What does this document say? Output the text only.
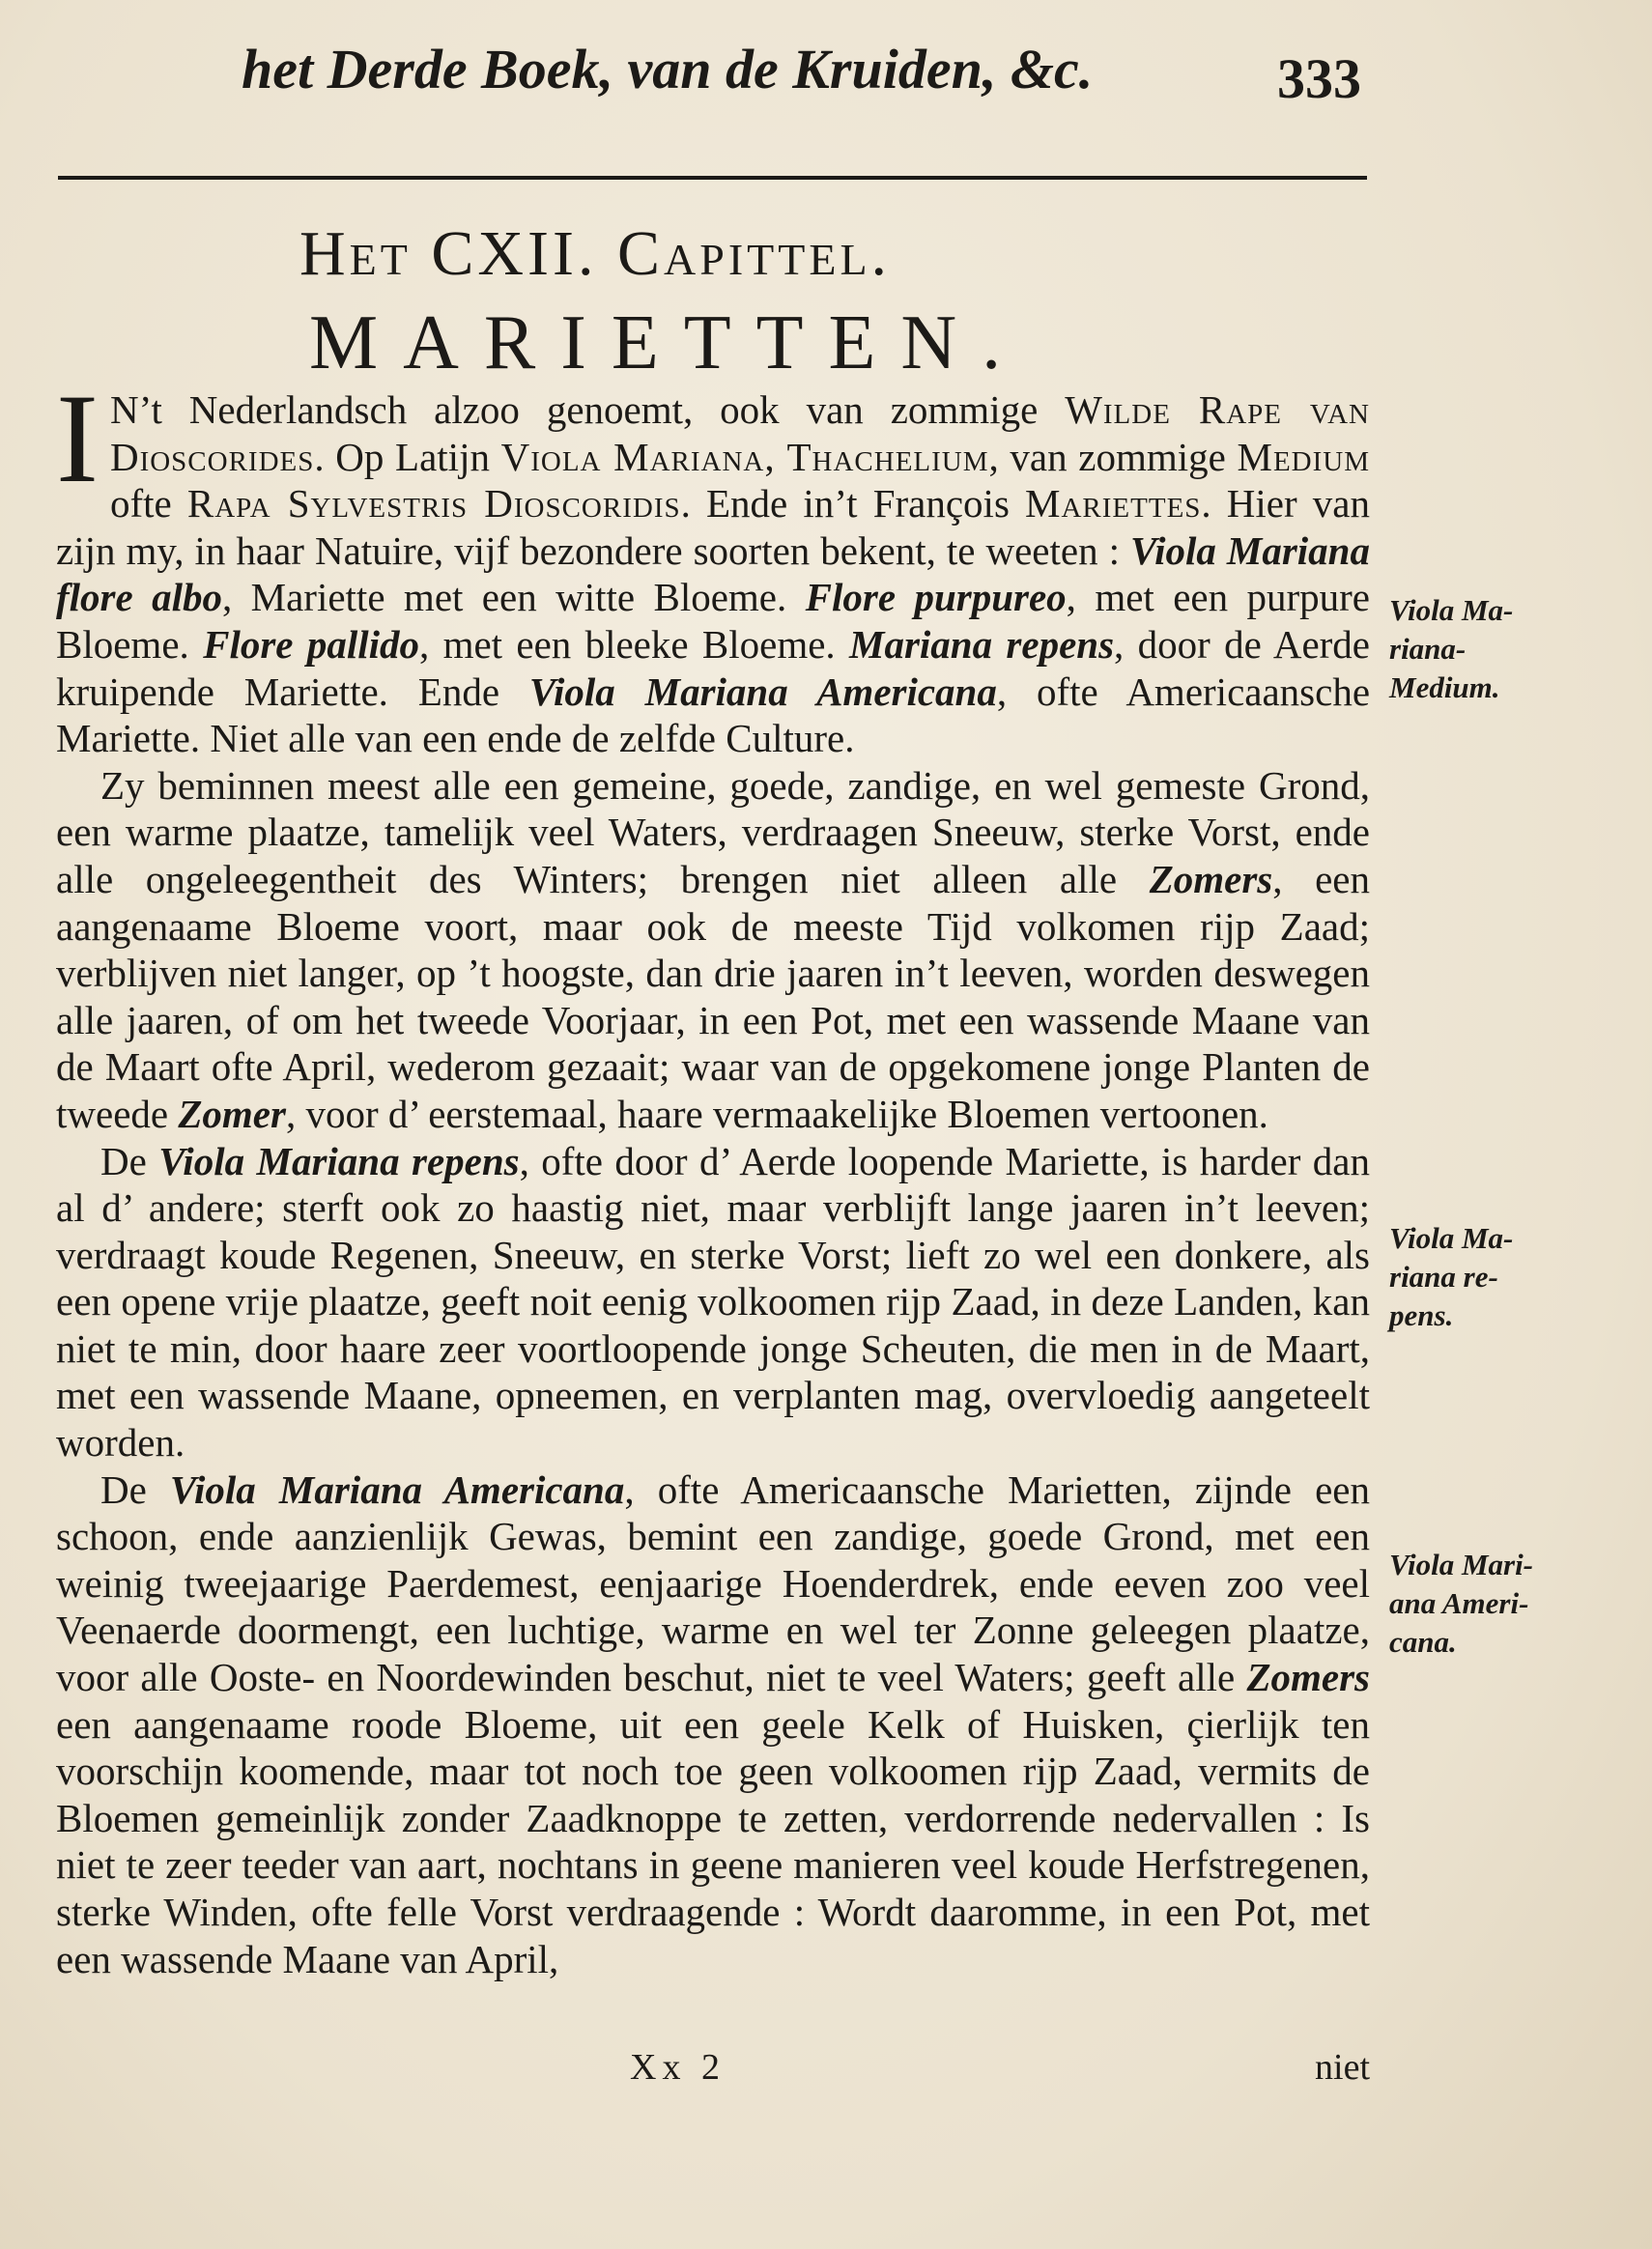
het Derde Boek, van de Kruiden, &c.	333
Het CXII. Capittel.
MARIETTEN.

I N’t Nederlandsch alzoo genoemt, ook van zommige Wilde Rape van Dioscorides. Op Latijn Viola Mariana, Thachelium, van zommige Medium ofte Rapa Sylvestris Dioscoridis. Ende in’t François Mariettes. Hier van zijn my, in haar Natuire, vijf bezondere soorten bekent, te weeten : Viola Mariana flore albo, Mariette met een witte Bloeme. Flore purpureo, met een purpure Bloeme. Flore pallido, met een bleeke Bloeme. Mariana repens, door de Aerde kruipende Mariette. Ende Viola Mariana Americana, ofte Americaansche Mariette. Niet alle van een ende de zelfde Culture.

Zy beminnen meest alle een gemeine, goede, zandige, en wel gemeste Grond, een warme plaatze, tamelijk veel Waters, verdraagen Sneeuw, sterke Vorst, ende alle ongeleegentheit des Winters; brengen niet alleen alle Zomers, een aangenaame Bloeme voort, maar ook de meeste Tijd volkomen rijp Zaad; verblijven niet langer, op ’t hoogste, dan drie jaaren in’t leeven, worden deswegen alle jaaren, of om het tweede Voorjaar, in een Pot, met een wassende Maane van de Maart ofte April, wederom gezaait; waar van de opgekomene jonge Planten de tweede Zomer, voor d’ eerstemaal, haare vermaakelijke Bloemen vertoonen.

De Viola Mariana repens, ofte door d’ Aerde loopende Mariette, is harder dan al d’ andere; sterft ook zo haastig niet, maar verblijft lange jaaren in’t leeven; verdraagt koude Regenen, Sneeuw, en sterke Vorst; lieft zo wel een donkere, als een opene vrije plaatze, geeft noit eenig volkoomen rijp Zaad, in deze Landen, kan niet te min, door haare zeer voortloopende jonge Scheuten, die men in de Maart, met een wassende Maane, opneemen, en verplanten mag, overvloedig aangeteelt worden.

De Viola Mariana Americana, ofte Americaansche Marietten, zijnde een schoon, ende aanzienlijk Gewas, bemint een zandige, goede Grond, met een weinig tweejaarige Paerdemest, eenjaarige Hoenderdrek, ende eeven zoo veel Veenaerde doormengt, een luchtige, warme en wel ter Zonne geleegen plaatze, voor alle Ooste- en Noordewinden beschut, niet te veel Waters; geeft alle Zomers een aangenaame roode Bloeme, uit een geele Kelk of Huisken, çierlijk ten voorschijn koomende, maar tot noch toe geen volkoomen rijp Zaad, vermits de Bloemen gemeinlijk zonder Zaadknoppe te zetten, verdorrende nedervallen : Is niet te zeer teeder van aart, nochtans in geene manieren veel koude Herfstregenen, sterke Winden, ofte felle Vorst verdraagende : Wordt daaromme, in een Pot, met een wassende Maane van April,

Viola Ma-
riana-
Medium.
Viola Ma-
riana re-
pens.
Viola Mari-
ana Ameri-
cana.
Xx 2	niet
